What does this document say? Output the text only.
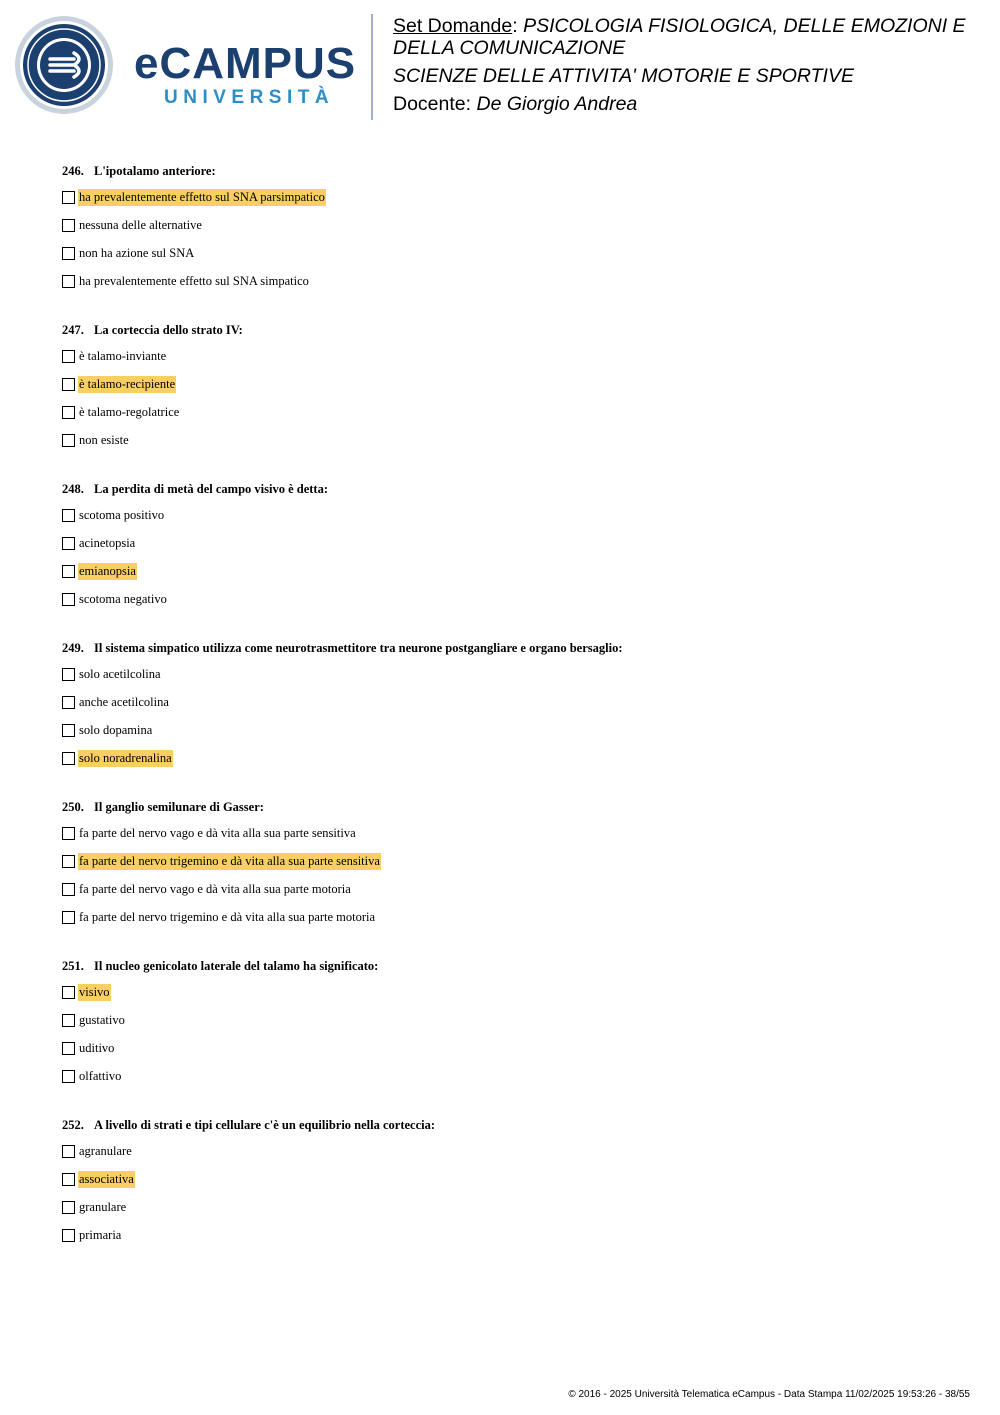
eCAMPUS
UNIVERSITÀ

Set Domande: PSICOLOGIA FISIOLOGICA, DELLE EMOZIONI E DELLA COMUNICAZIONE

SCIENZE DELLE ATTIVITA' MOTORIE E SPORTIVE

Docente: De Giorgio Andrea

246. L'ipotalamo anteriore:
ha prevalentemente effetto sul SNA parsimpatico
nessuna delle alternative
non ha azione sul SNA
ha prevalentemente effetto sul SNA simpatico
247. La corteccia dello strato IV:
è talamo-inviante
è talamo-recipiente
è talamo-regolatrice
non esiste
248. La perdita di metà del campo visivo è detta:
scotoma positivo
acinetopsia
emianopsia
scotoma negativo
249. Il sistema simpatico utilizza come neurotrasmettitore tra neurone postgangliare e organo bersaglio:
solo acetilcolina
anche acetilcolina
solo dopamina
solo noradrenalina
250. Il ganglio semilunare di Gasser:
fa parte del nervo vago e dà vita alla sua parte sensitiva
fa parte del nervo trigemino e dà vita alla sua parte sensitiva
fa parte del nervo vago e dà vita alla sua parte motoria
fa parte del nervo trigemino e dà vita alla sua parte motoria
251. Il nucleo genicolato laterale del talamo ha significato:
visivo
gustativo
uditivo
olfattivo
252. A livello di strati e tipi cellulare c'è un equilibrio nella corteccia:
agranulare
associativa
granulare
primaria
© 2016 - 2025 Università Telematica eCampus - Data Stampa 11/02/2025 19:53:26 - 38/55
